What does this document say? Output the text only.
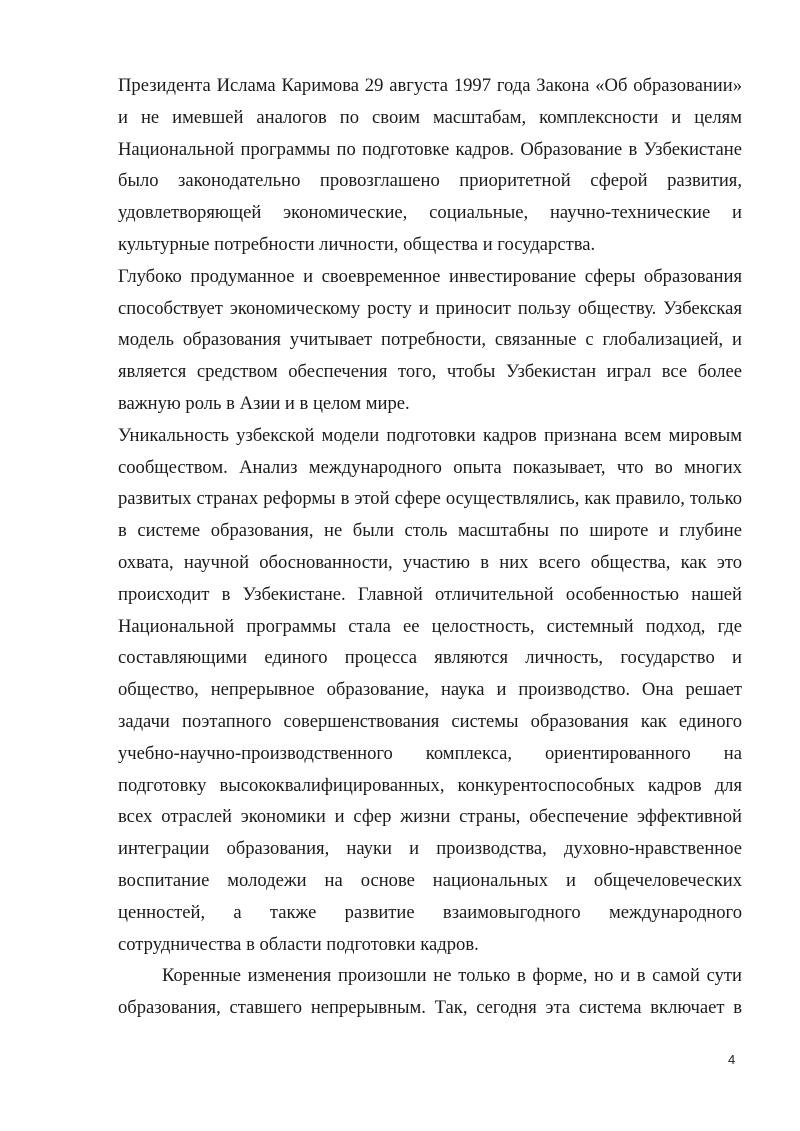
Президента Ислама Каримова 29 августа 1997 года Закона «Об образовании» и не имевшей аналогов по своим масштабам, комплексности и целям Национальной программы по подготовке кадров. Образование в Узбекистане было законодательно провозглашено приоритетной сферой развития, удовлетворяющей экономические, социальные, научно-технические и культурные потребности личности, общества и государства.

Глубоко продуманное и своевременное инвестирование сферы образования способствует экономическому росту и приносит пользу обществу. Узбекская модель образования учитывает потребности, связанные с глобализацией, и является средством обеспечения того, чтобы Узбекистан играл все более важную роль в Азии и в целом мире.

Уникальность узбекской модели подготовки кадров признана всем мировым сообществом. Анализ международного опыта показывает, что во многих развитых странах реформы в этой сфере осуществлялись, как правило, только в системе образования, не были столь масштабны по широте и глубине охвата, научной обоснованности, участию в них всего общества, как это происходит в Узбекистане. Главной отличительной особенностью нашей Национальной программы стала ее целостность, системный подход, где составляющими единого процесса являются личность, государство и общество, непрерывное образование, наука и производство. Она решает задачи поэтапного совершенствования системы образования как единого учебно-научно-производственного комплекса, ориентированного на подготовку высококвалифицированных, конкурентоспособных кадров для всех отраслей экономики и сфер жизни страны, обеспечение эффективной интеграции образования, науки и производства, духовно-нравственное воспитание молодежи на основе национальных и общечеловеческих ценностей, а также развитие взаимовыгодного международного сотрудничества в области подготовки кадров.

Коренные изменения произошли не только в форме, но и в самой сути образования, ставшего непрерывным. Так, сегодня эта система включает в

4
